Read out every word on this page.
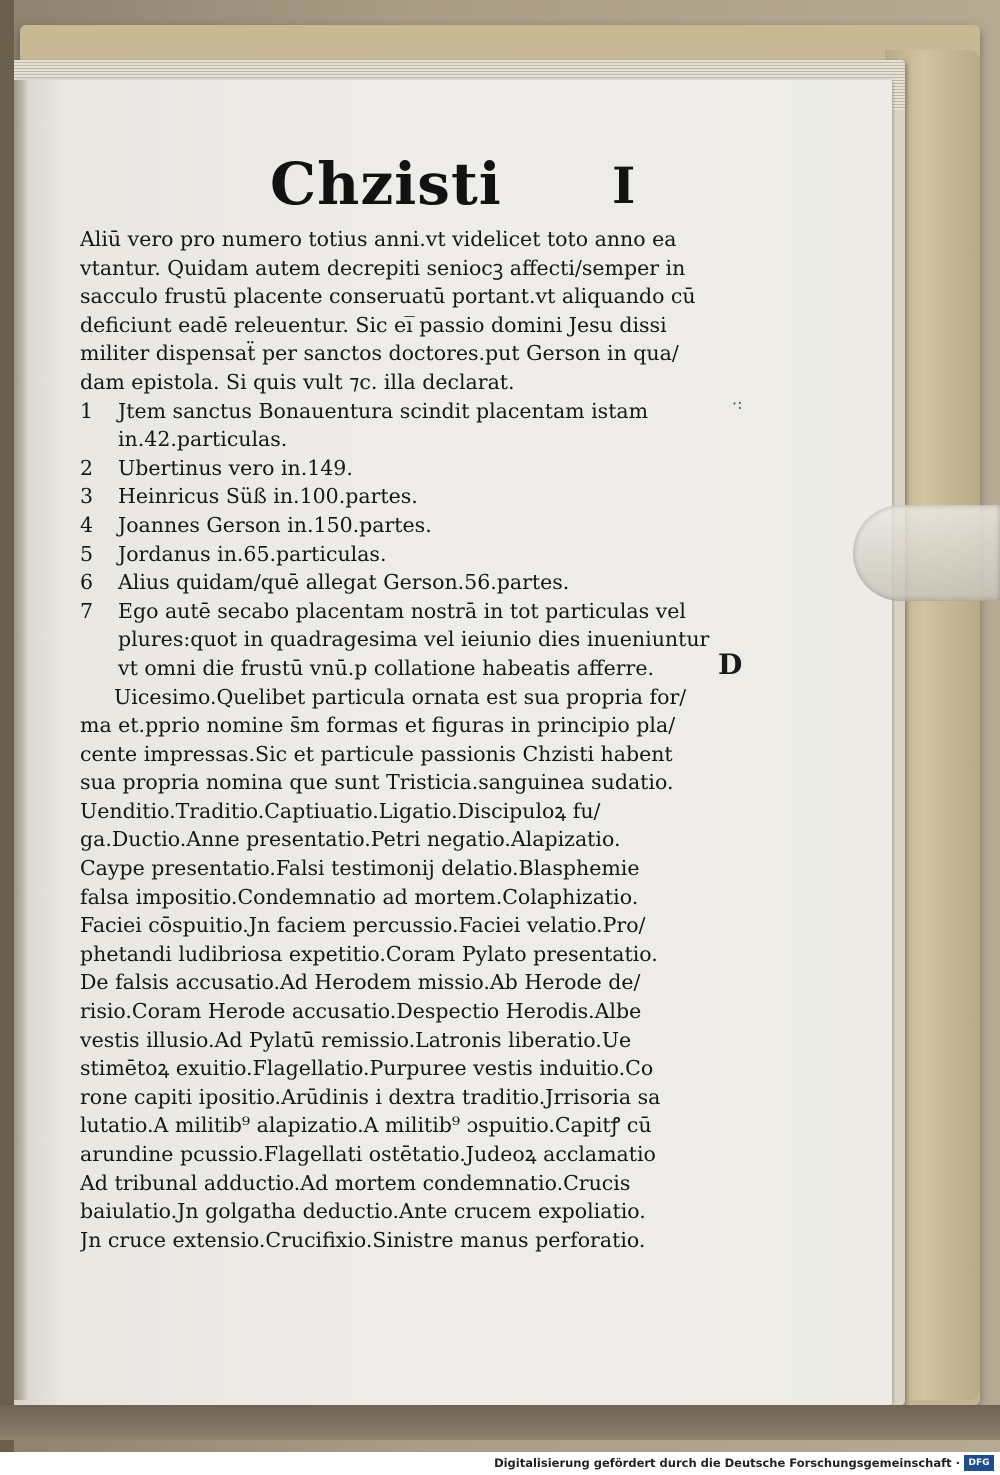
Chzisti I
·:
D
Aliū vero pro numero totius anni.vt videlicet toto anno ea
vtantur. Quidam autem decrepiti seniocꝫ affecti/semper in
sacculo frustū placente conseruatū portant.vt aliquando cū
deficiunt eadē releuentur. Sic ei̅ passio domini Jesu dissi
militer dispensaẗ per sanctos doctores.put Gerson in qua/
dam epistola. Si quis vult ⁊c. illa declarat.
1 Jtem sanctus Bonauentura scindit placentam istam
in.42.particulas.
2 Ubertinus vero in.149.
3 Heinricus Süß in.100.partes.
4 Joannes Gerson in.150.partes.
5 Jordanus in.65.particulas.
6 Alius quidam/quē allegat Gerson.56.partes.
7 Ego autē secabo placentam nostrā in tot particulas vel
plures:quot in quadragesima vel ieiunio dies inueniuntur
vt omni die frustū vnū.p collatione habeatis afferre.
Uicesimo.Quelibet particula ornata est sua propria for/
ma et.pprio nomine s̄m formas et figuras in principio pla/
cente impressas.Sic et particule passionis Chzisti habent
sua propria nomina que sunt Tristicia.sanguinea sudatio.
Uenditio.Traditio.Captiuatio.Ligatio.Discipuloꝝ fu/
ga.Ductio.Anne presentatio.Petri negatio.Alapizatio.
Caype presentatio.Falsi testimonij delatio.Blasphemie
falsa impositio.Condemnatio ad mortem.Colaphizatio.
Faciei cōspuitio.Jn faciem percussio.Faciei velatio.Pro/
phetandi ludibriosa expetitio.Coram Pylato presentatio.
De falsis accusatio.Ad Herodem missio.Ab Herode de/
risio.Coram Herode accusatio.Despectio Herodis.Albe
vestis illusio.Ad Pylatū remissio.Latronis liberatio.Ue
stimētoꝝ exuitio.Flagellatio.Purpuree vestis induitio.Co
rone capiti ipositio.Arūdinis i dextra traditio.Jrrisoria sa
lutatio.A militib⁹ alapizatio.A militib⁹ ɔspuitio.Capitꝭ cū
arundine pcussio.Flagellati ostētatio.Judeoꝝ acclamatio
Ad tribunal adductio.Ad mortem condemnatio.Crucis
baiulatio.Jn golgatha deductio.Ante crucem expoliatio.
Jn cruce extensio.Crucifixio.Sinistre manus perforatio.
Digitalisierung gefördert durch die Deutsche Forschungsgemeinschaft · DFG
